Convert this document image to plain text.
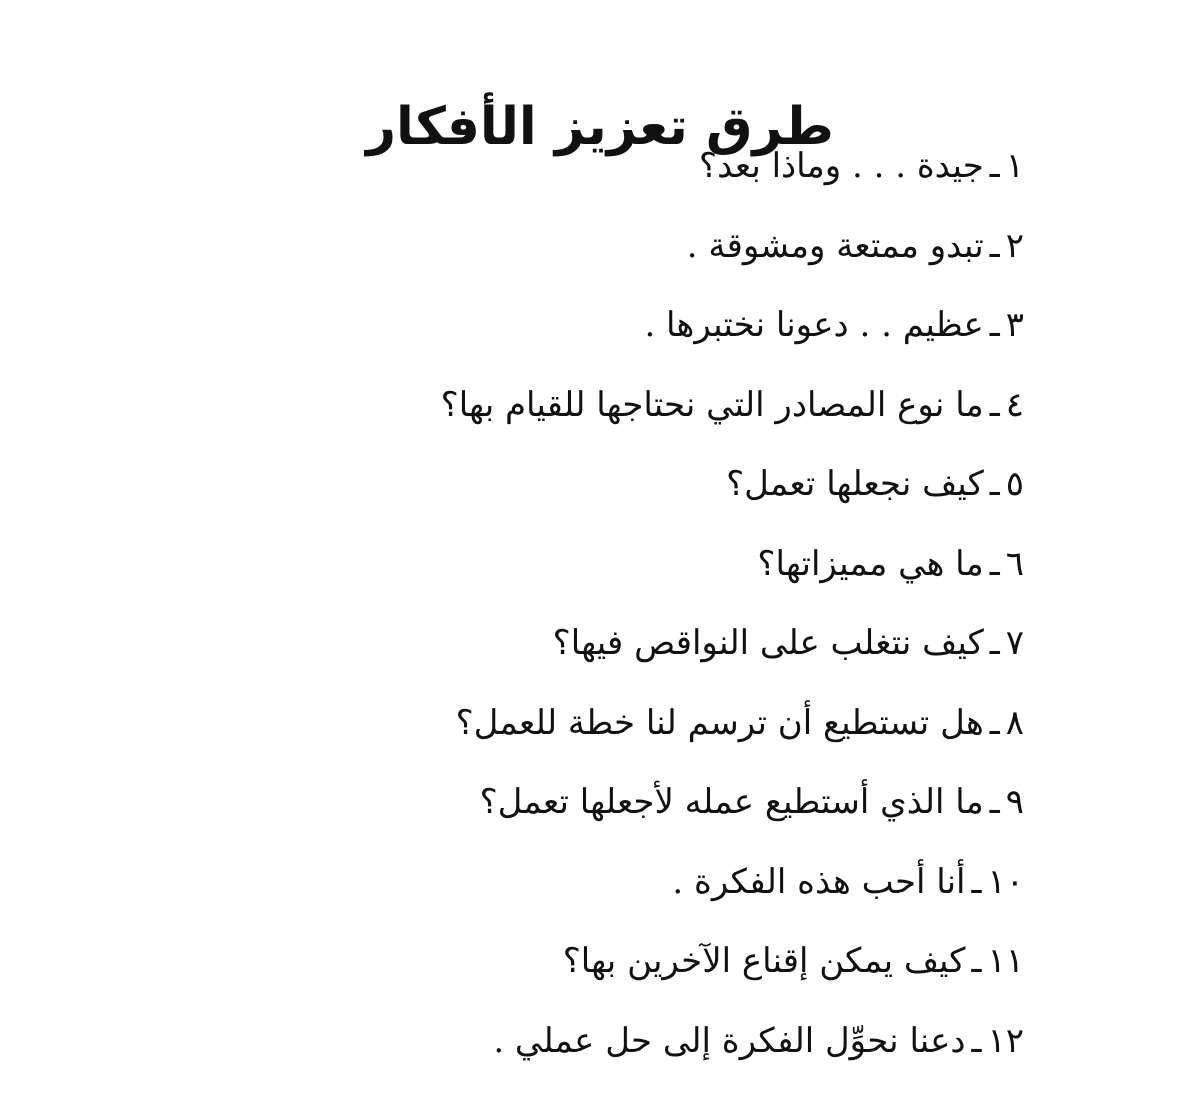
طرق تعزيز الأفكار
١ـجيدة . . . وماذا بعد؟
٢ـتبدو ممتعة ومشوقة .
٣ـعظيم . . دعونا نختبرها .
٤ـما نوع المصادر التي نحتاجها للقيام بها؟
٥ـكيف نجعلها تعمل؟
٦ـما هي مميزاتها؟
٧ـكيف نتغلب على النواقص فيها؟
٨ـهل تستطيع أن ترسم لنا خطة للعمل؟
٩ـما الذي أستطيع عمله لأجعلها تعمل؟
١٠ـأنا أحب هذه الفكرة .
١١ـكيف يمكن إقناع الآخرين بها؟
١٢ـدعنا نحوِّل الفكرة إلى حل عملي .
